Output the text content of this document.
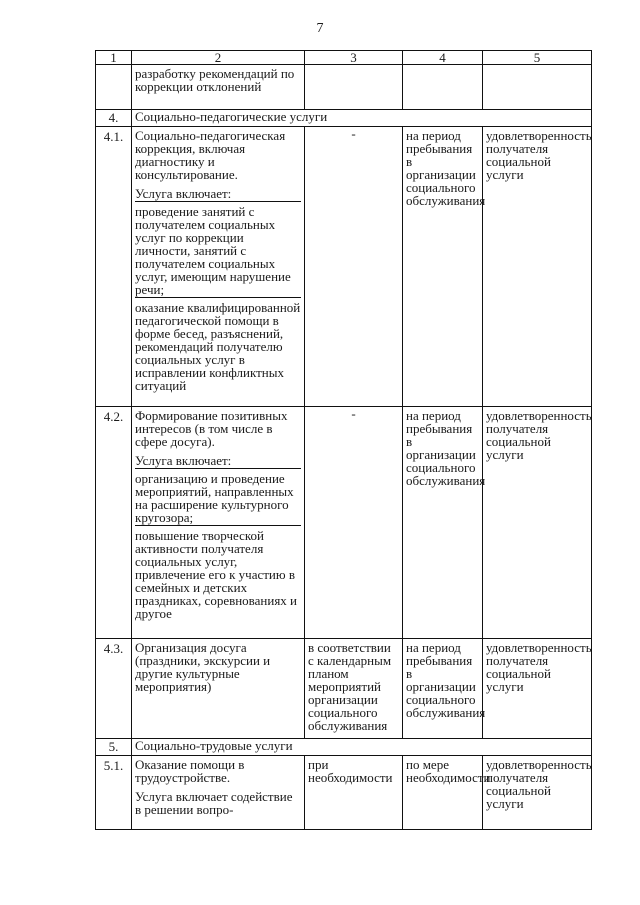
7
1	2	3	4	5

	разработку рекомендаций по коррекции отклонений			

4.	Социально-педагогические услуги			
4.1.	Социально-педагогическая коррекция, включая диагностику и консультирование.
Услуга включает:
проведение занятий с получателем социальных услуг по коррекции личности, занятий с получателем социальных услуг, имеющим нарушение речи;
оказание квалифицированной педагогической помощи в форме бесед, разъяснений, рекомендаций получателю социальных услуг в исправлении конфликтных ситуаций	-	на период пребывания в организации социального обслуживания	удовлетворенность получателя социальной услуги

4.2.	Формирование позитивных интересов (в том числе в сфере досуга).
Услуга включает:
организацию и проведение мероприятий, направленных на расширение культурного кругозора;
повышение творческой активности получателя социальных услуг, привлечение его к участию в семейных и детских праздниках, соревнованиях и другое	-	на период пребывания в организации социального обслуживания	удовлетворенность получателя социальной услуги

4.3.	Организация досуга (праздники, экскурсии и другие культурные мероприятия)	в соответствии с календарным планом мероприятий организации социального обслуживания	на период пребывания в организации социального обслуживания	удовлетворенность получателя социальной услуги

5.	Социально-трудовые услуги			
5.1.	Оказание помощи в трудоустройстве.
Услуга включает содействие в решении вопро-	при необходимости	по мере необходимости	удовлетворенность получателя социальной услуги
